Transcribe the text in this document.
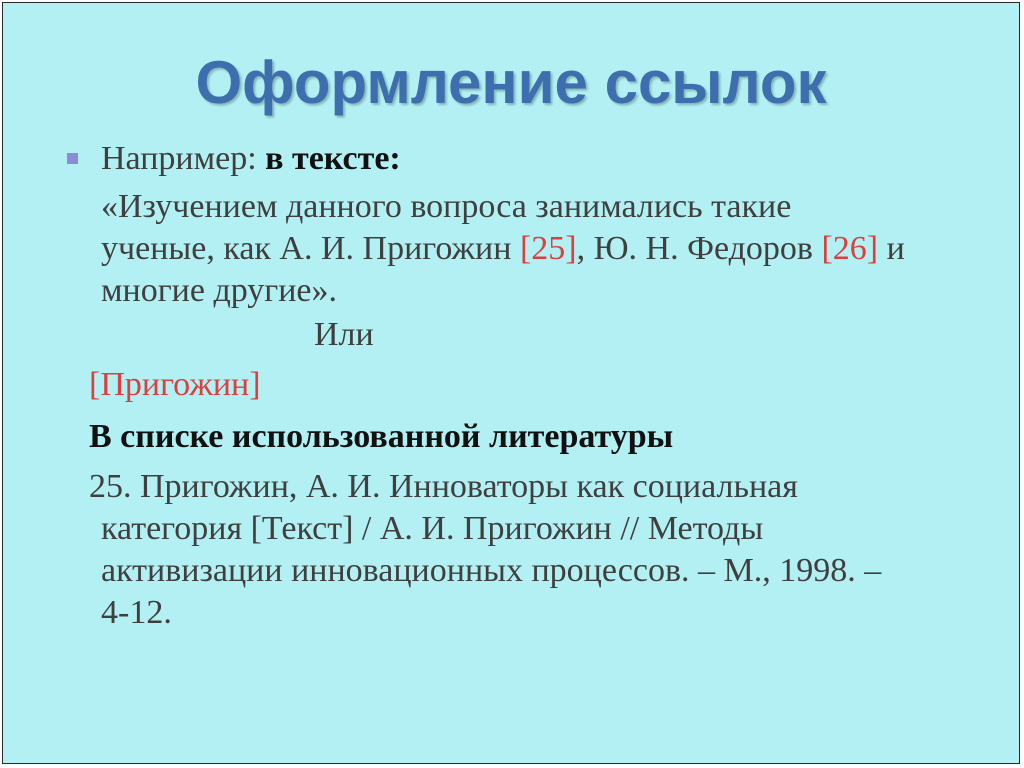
Оформление ссылок
Например: в тексте:
«Изучением данного вопроса занимались такие
ученые, как А. И. Пригожин [25], Ю. Н. Федоров [26] и
многие другие».
Или
[Пригожин]
В списке использованной литературы
25. Пригожин, А. И. Инноваторы как социальная
категория [Текст] / А. И. Пригожин // Методы
активизации инновационных процессов. – М., 1998. –
4-12.
